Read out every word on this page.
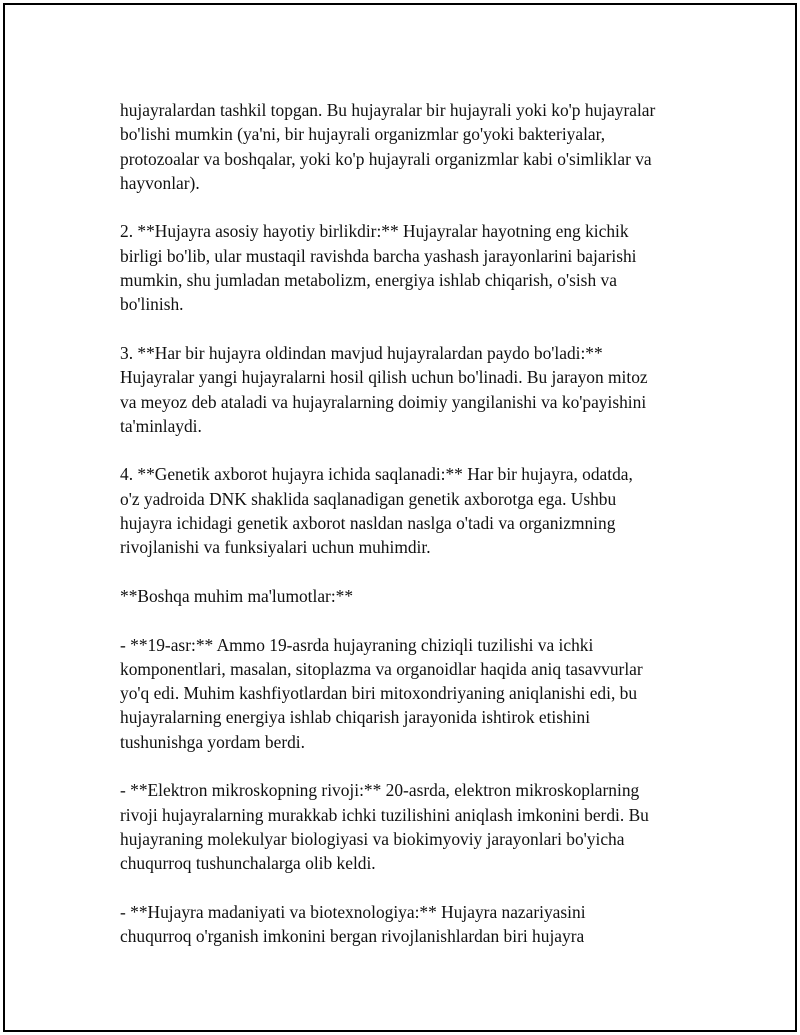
hujayralardan tashkil topgan. Bu hujayralar bir hujayrali yoki ko'p hujayralar
bo'lishi mumkin (ya'ni, bir hujayrali organizmlar go'yoki bakteriyalar,
protozoalar va boshqalar, yoki ko'p hujayrali organizmlar kabi o'simliklar va
hayvonlar).

2. **Hujayra asosiy hayotiy birlikdir:** Hujayralar hayotning eng kichik
birligi bo'lib, ular mustaqil ravishda barcha yashash jarayonlarini bajarishi
mumkin, shu jumladan metabolizm, energiya ishlab chiqarish, o'sish va
bo'linish.

3. **Har bir hujayra oldindan mavjud hujayralardan paydo bo'ladi:**
Hujayralar yangi hujayralarni hosil qilish uchun bo'linadi. Bu jarayon mitoz
va meyoz deb ataladi va hujayralarning doimiy yangilanishi va ko'payishini
ta'minlaydi.

4. **Genetik axborot hujayra ichida saqlanadi:** Har bir hujayra, odatda,
o'z yadroida DNK shaklida saqlanadigan genetik axborotga ega. Ushbu
hujayra ichidagi genetik axborot nasldan naslga o'tadi va organizmning
rivojlanishi va funksiyalari uchun muhimdir.

**Boshqa muhim ma'lumotlar:**

- **19-asr:** Ammo 19-asrda hujayraning chiziqli tuzilishi va ichki
komponentlari, masalan, sitoplazma va organoidlar haqida aniq tasavvurlar
yo'q edi. Muhim kashfiyotlardan biri mitoxondriyaning aniqlanishi edi, bu
hujayralarning energiya ishlab chiqarish jarayonida ishtirok etishini
tushunishga yordam berdi.

- **Elektron mikroskopning rivoji:** 20-asrda, elektron mikroskoplarning
rivoji hujayralarning murakkab ichki tuzilishini aniqlash imkonini berdi. Bu
hujayraning molekulyar biologiyasi va biokimyoviy jarayonlari bo'yicha
chuqurroq tushunchalarga olib keldi.

- **Hujayra madaniyati va biotexnologiya:** Hujayra nazariyasini
chuqurroq o'rganish imkonini bergan rivojlanishlardan biri hujayra
